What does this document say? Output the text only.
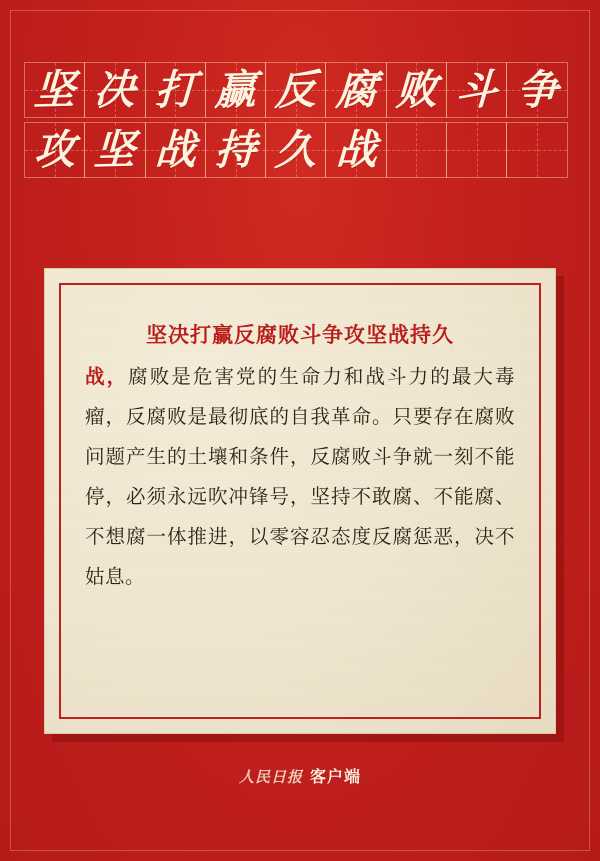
坚 决 打 赢 反 腐 败 斗 争
攻 坚 战 持 久 战
坚决打赢反腐败斗争攻坚战持久

战，腐败是危害党的生命力和战斗力的最大毒瘤，反腐败是最彻底的自我革命。只要存在腐败问题产生的土壤和条件，反腐败斗争就一刻不能停，必须永远吹冲锋号，坚持不敢腐、不能腐、不想腐一体推进，以零容忍态度反腐惩恶，决不姑息。

人民日报 客户端
